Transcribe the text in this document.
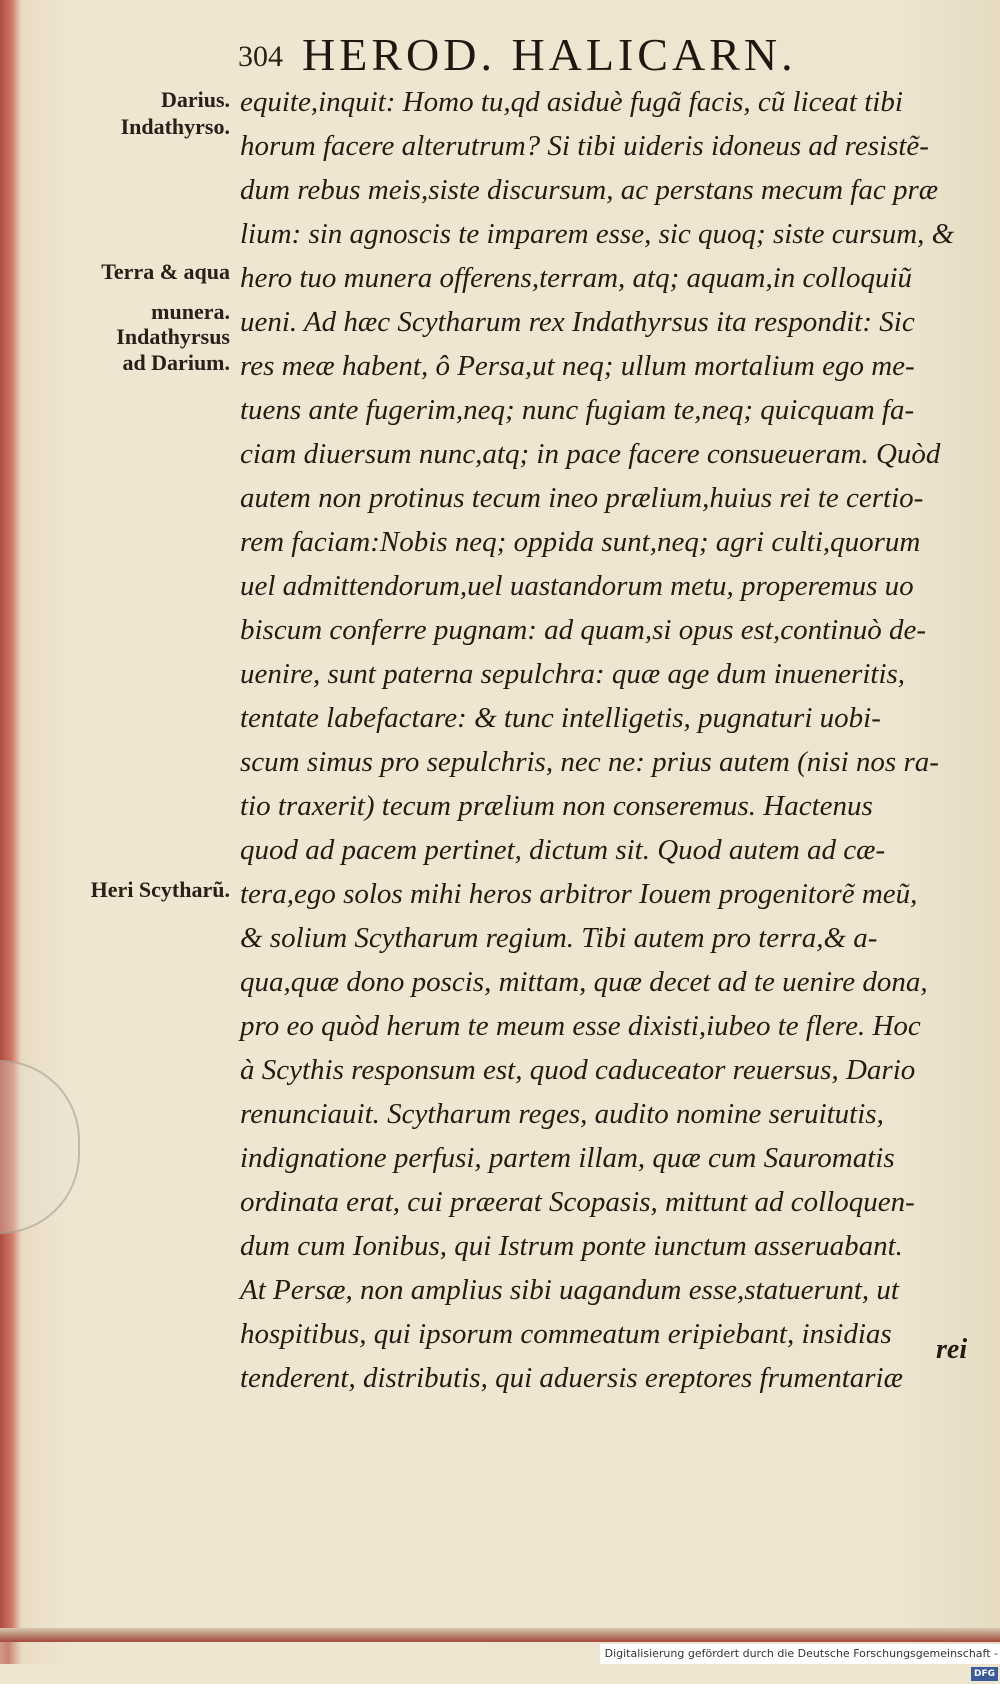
304 HEROD. HALICARN.
Darius.
Indathyrso.
Terra & aqua
munera.
Indathyrsus
ad Darium.
Heri Scytharũ.
equite,inquit: Homo tu,qd asiduè fugã facis, cũ liceat tibi
horum facere alterutrum? Si tibi uideris idoneus ad resistẽ-
dum rebus meis,siste discursum, ac perstans mecum fac præ
lium: sin agnoscis te imparem esse, sic quoq; siste cursum, &
hero tuo munera offerens,terram, atq; aquam,in colloquiũ
ueni. Ad hæc Scytharum rex Indathyrsus ita respondit: Sic
res meæ habent, ô Persa,ut neq; ullum mortalium ego me-
tuens ante fugerim,neq; nunc fugiam te,neq; quicquam fa-
ciam diuersum nunc,atq; in pace facere consueueram. Quòd
autem non protinus tecum ineo prælium,huius rei te certio-
rem faciam:Nobis neq; oppida sunt,neq; agri culti,quorum
uel admittendorum,uel uastandorum metu, properemus uo
biscum conferre pugnam: ad quam,si opus est,continuò de-
uenire, sunt paterna sepulchra: quæ age dum inueneritis,
tentate labefactare: & tunc intelligetis, pugnaturi uobi-
scum simus pro sepulchris, nec ne: prius autem (nisi nos ra-
tio traxerit) tecum prælium non conseremus. Hactenus
quod ad pacem pertinet, dictum sit. Quod autem ad cæ-
tera,ego solos mihi heros arbitror Iouem progenitorẽ meũ,
& solium Scytharum regium. Tibi autem pro terra,& a-
qua,quæ dono poscis, mittam, quæ decet ad te uenire dona,
pro eo quòd herum te meum esse dixisti,iubeo te flere. Hoc
à Scythis responsum est, quod caduceator reuersus, Dario
renunciauit. Scytharum reges, audito nomine seruitutis,
indignatione perfusi, partem illam, quæ cum Sauromatis
ordinata erat, cui præerat Scopasis, mittunt ad colloquen-
dum cum Ionibus, qui Istrum ponte iunctum asseruabant.
At Persæ, non amplius sibi uagandum esse,statuerunt, ut
hospitibus, qui ipsorum commeatum eripiebant, insidias
tenderent, distributis, qui aduersis ereptores frumentariæ
rei
Digitalisierung gefördert durch die Deutsche Forschungsgemeinschaft -DFG
